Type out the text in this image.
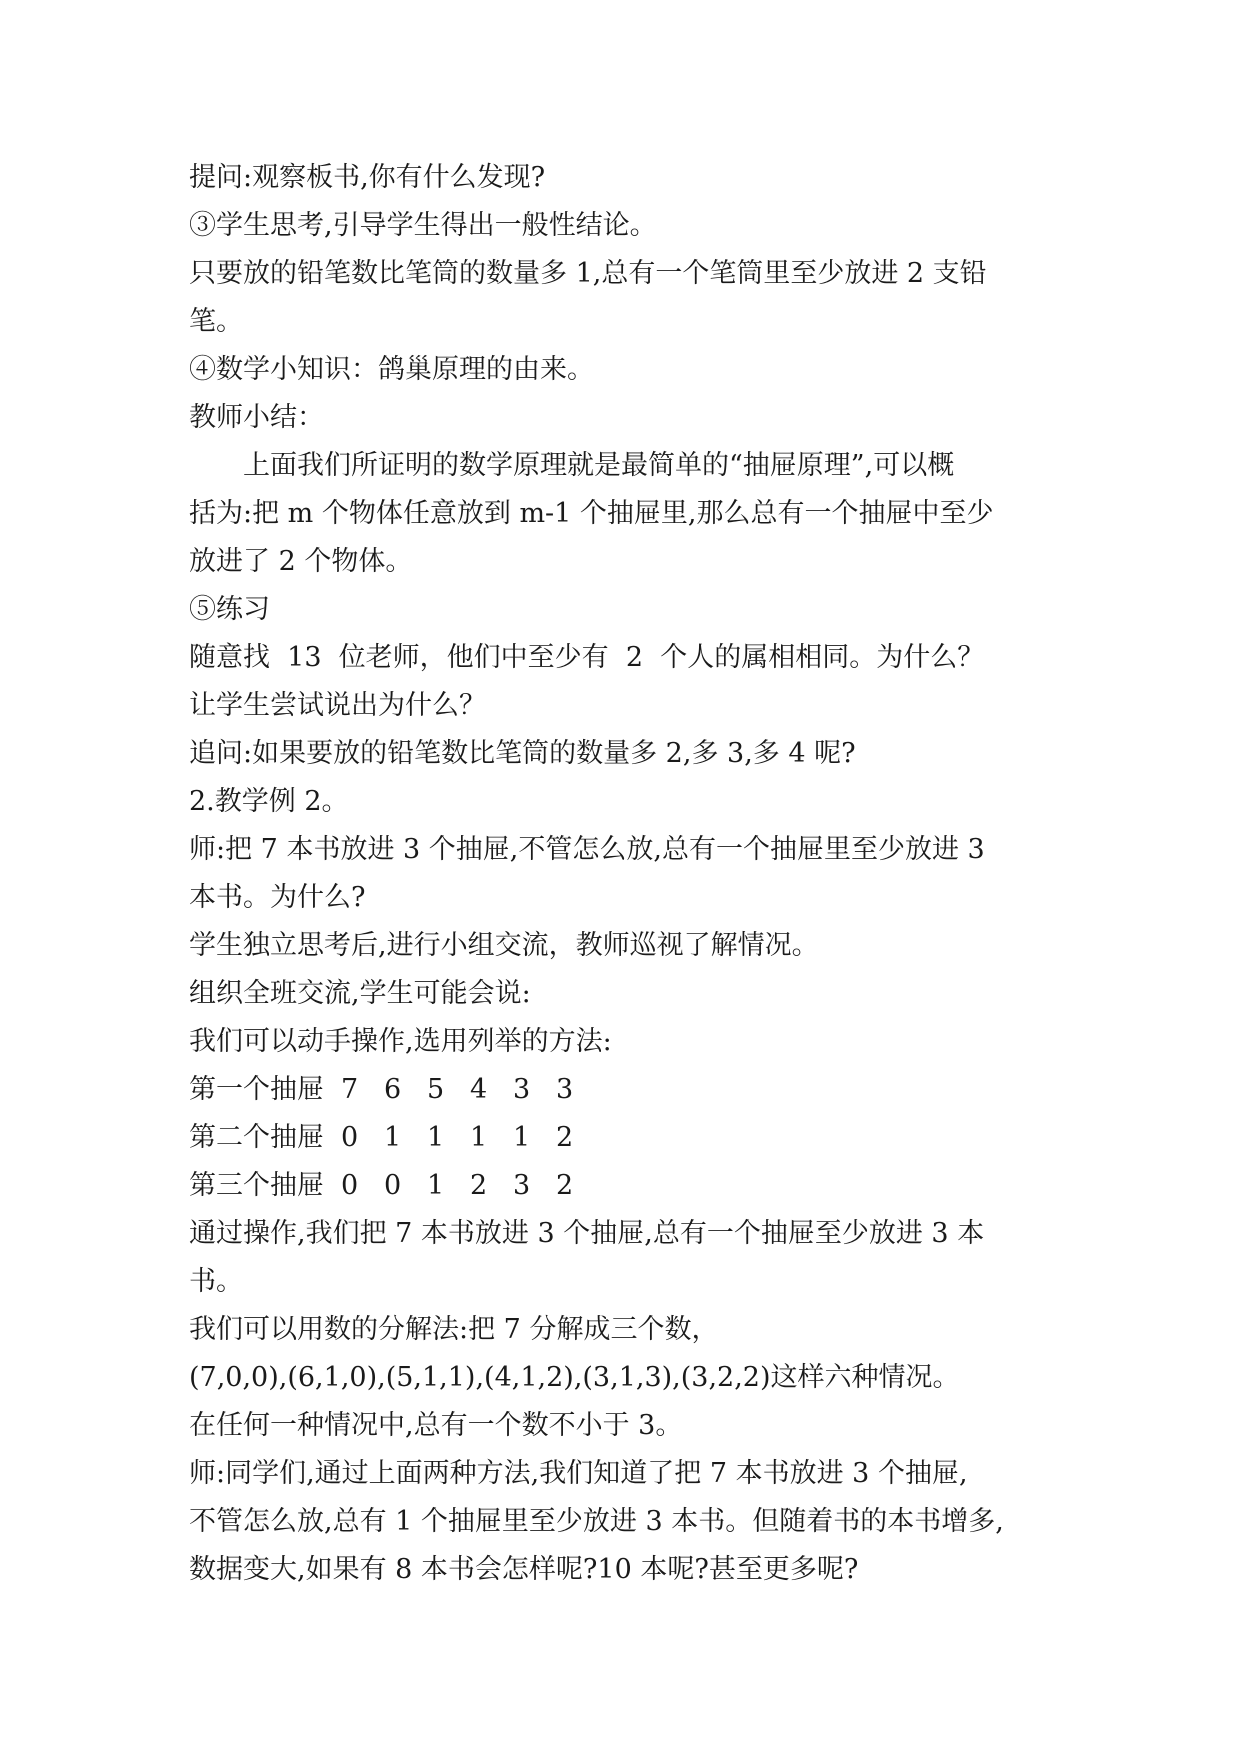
提问:观察板书,你有什么发现?
③学生思考,引导学生得出一般性结论。
只要放的铅笔数比笔筒的数量多 1,总有一个笔筒里至少放进 2 支铅
笔。
④数学小知识：鸽巢原理的由来。
教师小结：
上面我们所证明的数学原理就是最简单的“抽屉原理”,可以概
括为:把 m 个物体任意放到 m-1 个抽屉里,那么总有一个抽屉中至少
放进了 2 个物体。
⑤练习
随意找  13  位老师，他们中至少有  2  个人的属相相同。为什么？
让学生尝试说出为什么？
追问:如果要放的铅笔数比笔筒的数量多 2,多 3,多 4 呢?
2.教学例 2。
师:把 7 本书放进 3 个抽屉,不管怎么放,总有一个抽屉里至少放进 3
本书。为什么?
学生独立思考后,进行小组交流，教师巡视了解情况。
组织全班交流,学生可能会说:
我们可以动手操作,选用列举的方法:
第一个抽屉 7 6 5 4 3 3
第二个抽屉 0 1 1 1 1 2
第三个抽屉 0 0 1 2 3 2
通过操作,我们把 7 本书放进 3 个抽屉,总有一个抽屉至少放进 3 本
书。
我们可以用数的分解法:把 7 分解成三个数，
(7,0,0),(6,1,0),(5,1,1),(4,1,2),(3,1,3),(3,2,2)这样六种情况。
在任何一种情况中,总有一个数不小于 3。
师:同学们,通过上面两种方法,我们知道了把 7 本书放进 3 个抽屉,
不管怎么放,总有 1 个抽屉里至少放进 3 本书。但随着书的本书增多,
数据变大,如果有 8 本书会怎样呢?10 本呢?甚至更多呢?
